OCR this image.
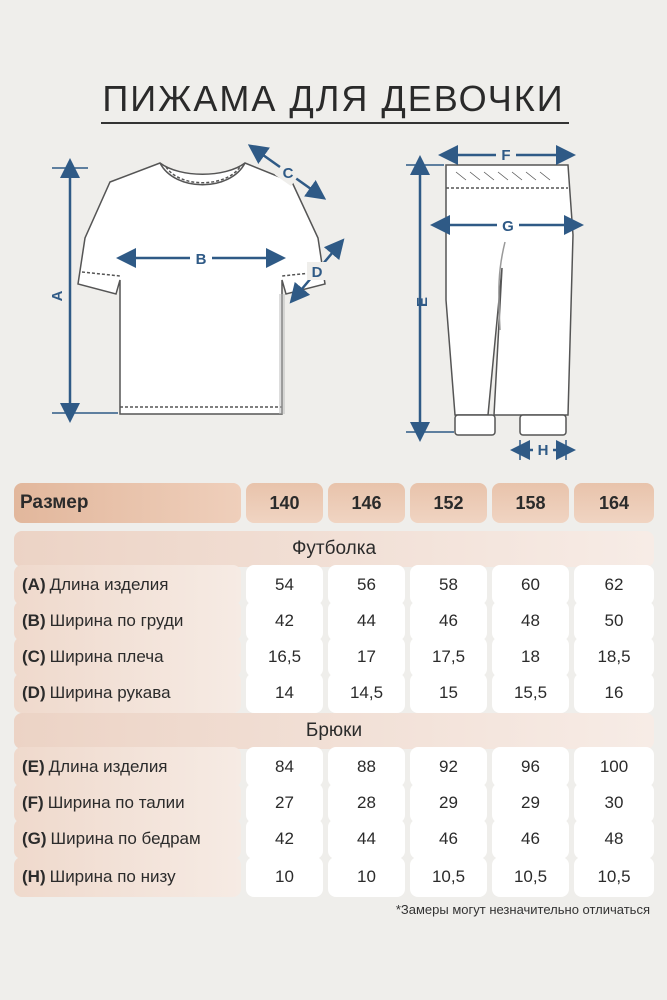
ПИЖАМА ДЛЯ ДЕВОЧКИ
A
B
C
D
F
G
E
H
Размер	140	146	152	158	164
Футболка
(A) Длина изделия	54	56	58	60	62
(B) Ширина по груди	42	44	46	48	50
(C) Ширина плеча	16,5	17	17,5	18	18,5
(D) Ширина рукава	14	14,5	15	15,5	16
Брюки
(E) Длина изделия	84	88	92	96	100
(F) Ширина по талии	27	28	29	29	30
(G) Ширина по бедрам	42	44	46	46	48
(H) Ширина по низу	10	10	10,5	10,5	10,5
*Замеры могут незначительно отличаться
